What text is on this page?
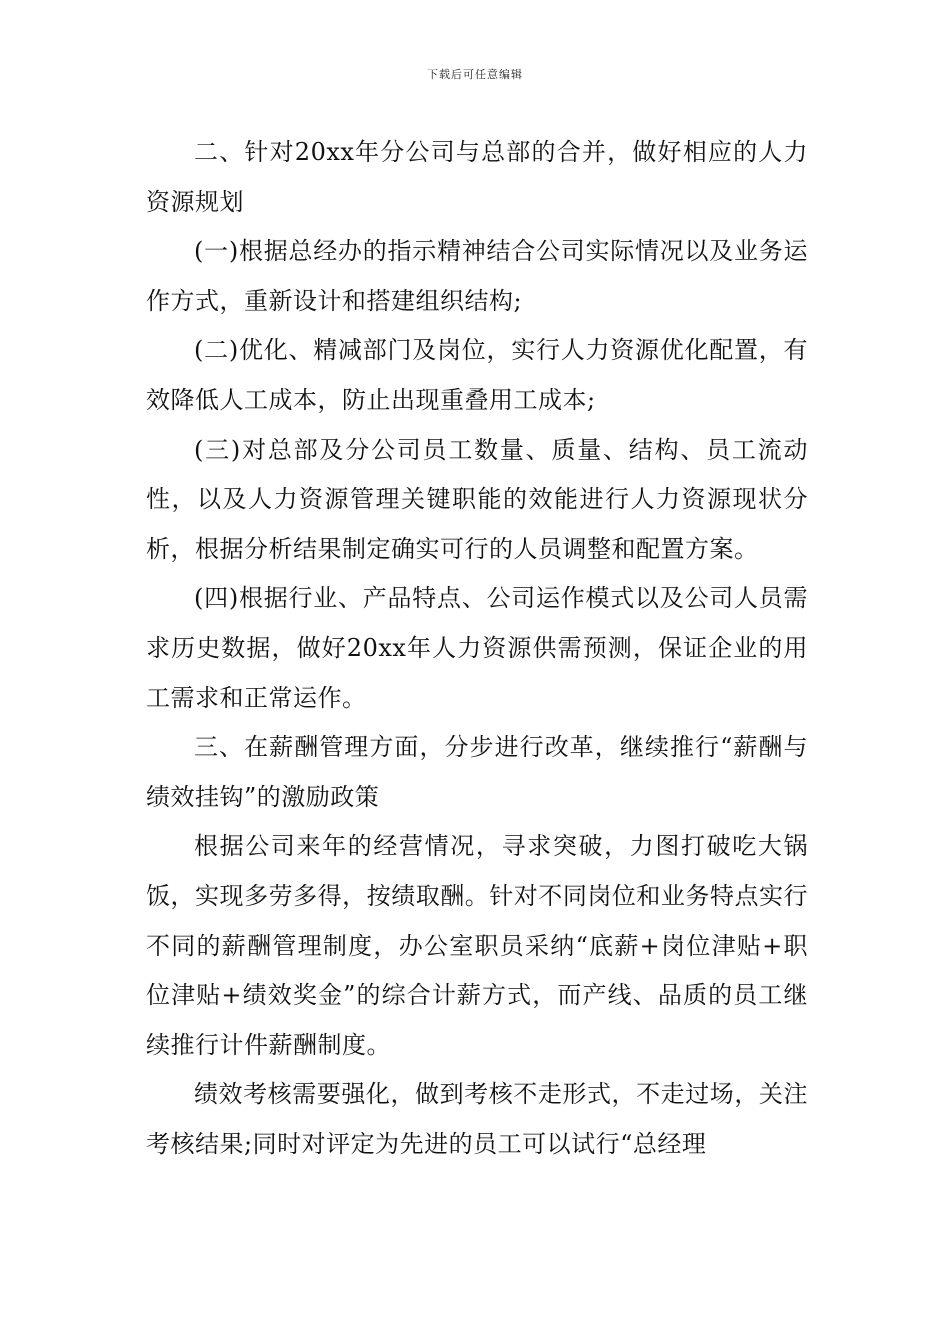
下载后可任意编辑

二、针对20xx年分公司与总部的合并，做好相应的人力资源规划

(一)根据总经办的指示精神结合公司实际情况以及业务运作方式，重新设计和搭建组织结构;

(二)优化、精减部门及岗位，实行人力资源优化配置，有效降低人工成本，防止出现重叠用工成本;

(三)对总部及分公司员工数量、质量、结构、员工流动性，以及人力资源管理关键职能的效能进行人力资源现状分析，根据分析结果制定确实可行的人员调整和配置方案。

(四)根据行业、产品特点、公司运作模式以及公司人员需求历史数据，做好20xx年人力资源供需预测，保证企业的用工需求和正常运作。

三、在薪酬管理方面，分步进行改革，继续推行“薪酬与绩效挂钩”的激励政策

根据公司来年的经营情况，寻求突破，力图打破吃大锅饭，实现多劳多得，按绩取酬。针对不同岗位和业务特点实行不同的薪酬管理制度，办公室职员采纳“底薪+岗位津贴+职位津贴+绩效奖金”的综合计薪方式，而产线、品质的员工继续推行计件薪酬制度。

绩效考核需要强化，做到考核不走形式，不走过场，关注考核结果;同时对评定为先进的员工可以试行“总经理
